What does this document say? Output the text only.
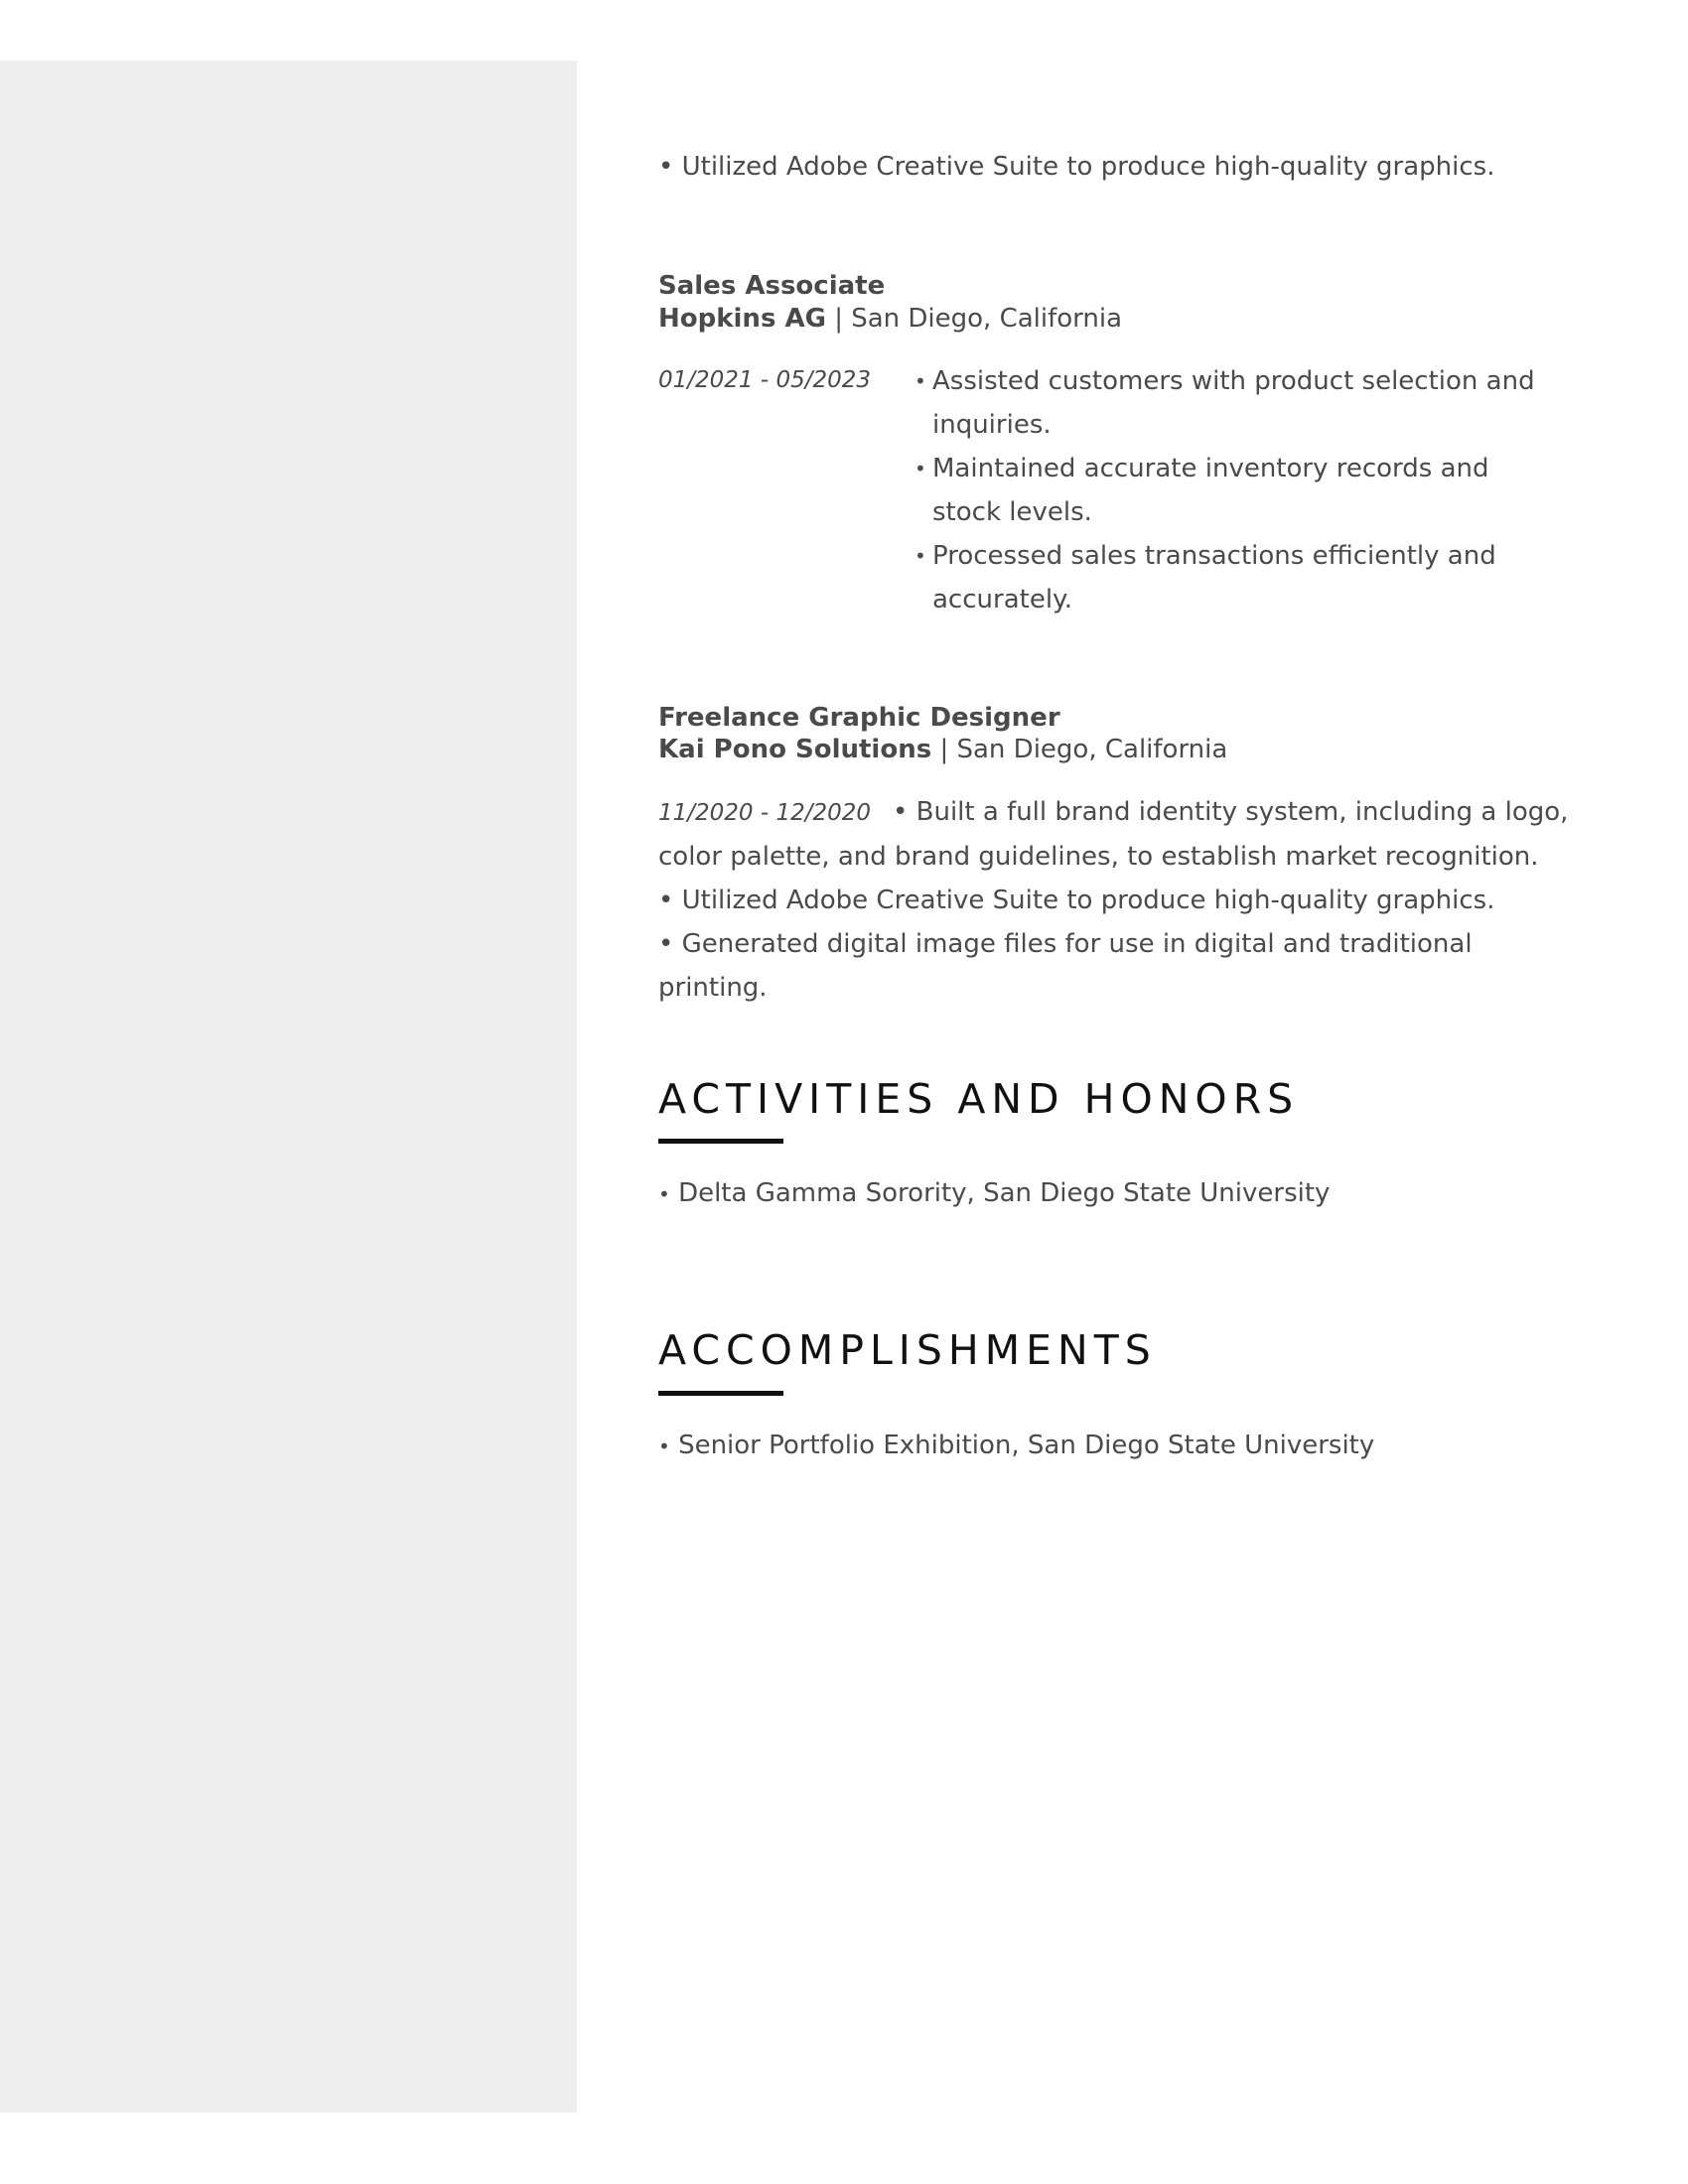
• Utilized Adobe Creative Suite to produce high-quality graphics.
Sales Associate
Hopkins AG | San Diego, California
01/2021 - 05/2023 • Assisted customers with product selection and inquiries.
• Maintained accurate inventory records and stock levels.
• Processed sales transactions efficiently and accurately.
Freelance Graphic Designer
Kai Pono Solutions | San Diego, California
11/2020 - 12/2020 • Built a full brand identity system, including a logo, color palette, and brand guidelines, to establish market recognition.
• Utilized Adobe Creative Suite to produce high-quality graphics.
• Generated digital image files for use in digital and traditional printing.
ACTIVITIES AND HONORS
• Delta Gamma Sorority, San Diego State University
ACCOMPLISHMENTS
• Senior Portfolio Exhibition, San Diego State University
